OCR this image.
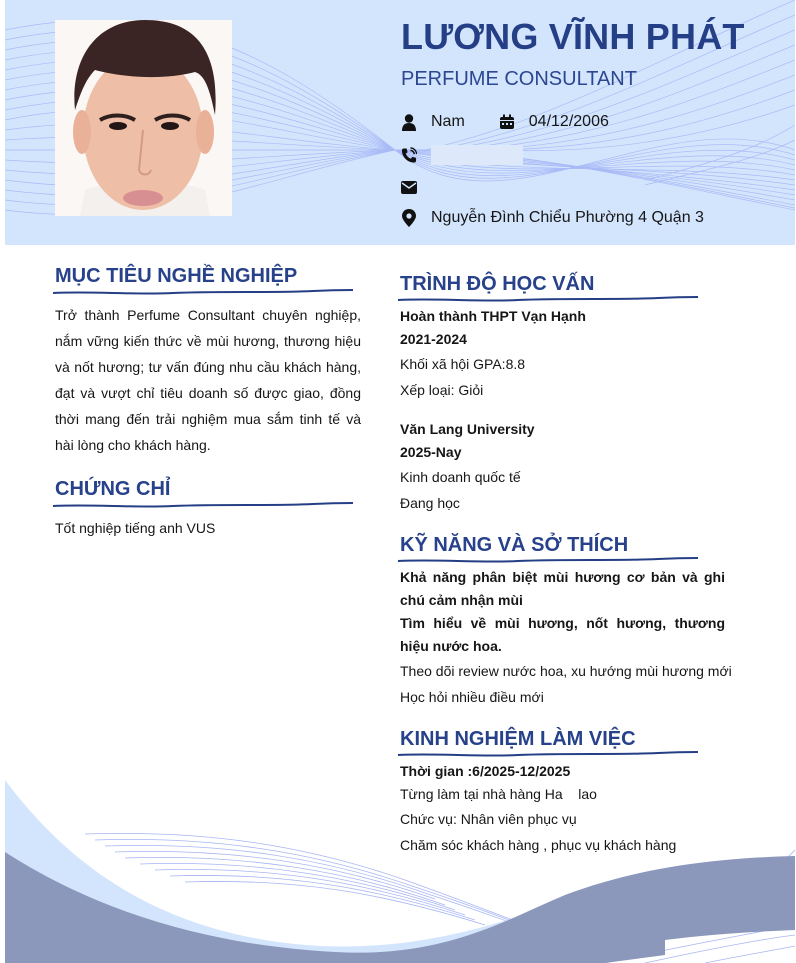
LƯƠNG VĨNH PHÁT
PERFUME CONSULTANT
Nam	04/12/2006
Nguyễn Đình Chiểu Phường 4 Quận 3
MỤC TIÊU NGHỀ NGHIỆP
Trở thành Perfume Consultant chuyên nghiệp, nắm vững kiến thức về mùi hương, thương hiệu và nốt hương; tư vấn đúng nhu cầu khách hàng, đạt và vượt chỉ tiêu doanh số được giao, đồng thời mang đến trải nghiệm mua sắm tinh tế và hài lòng cho khách hàng.
CHỨNG CHỈ
Tốt nghiệp tiếng anh VUS
TRÌNH ĐỘ HỌC VẤN
Hoàn thành THPT Vạn Hạnh
2021-2024
Khối xã hội GPA:8.8
Xếp loại: Giỏi
Văn Lang University
2025-Nay
Kinh doanh quốc tế
Đang học
KỸ NĂNG VÀ SỞ THÍCH
Khả năng phân biệt mùi hương cơ bản và ghi chú cảm nhận mùi
Tìm hiểu về mùi hương, nốt hương, thương hiệu nước hoa.
Theo dõi review nước hoa, xu hướng mùi hương mới
Học hỏi nhiều điều mới
KINH NGHIỆM LÀM VIỆC
Thời gian :6/2025-12/2025
Từng làm tại nhà hàng Ha    lao
Chức vụ: Nhân viên phục vụ
Chăm sóc khách hàng , phục vụ khách hàng
